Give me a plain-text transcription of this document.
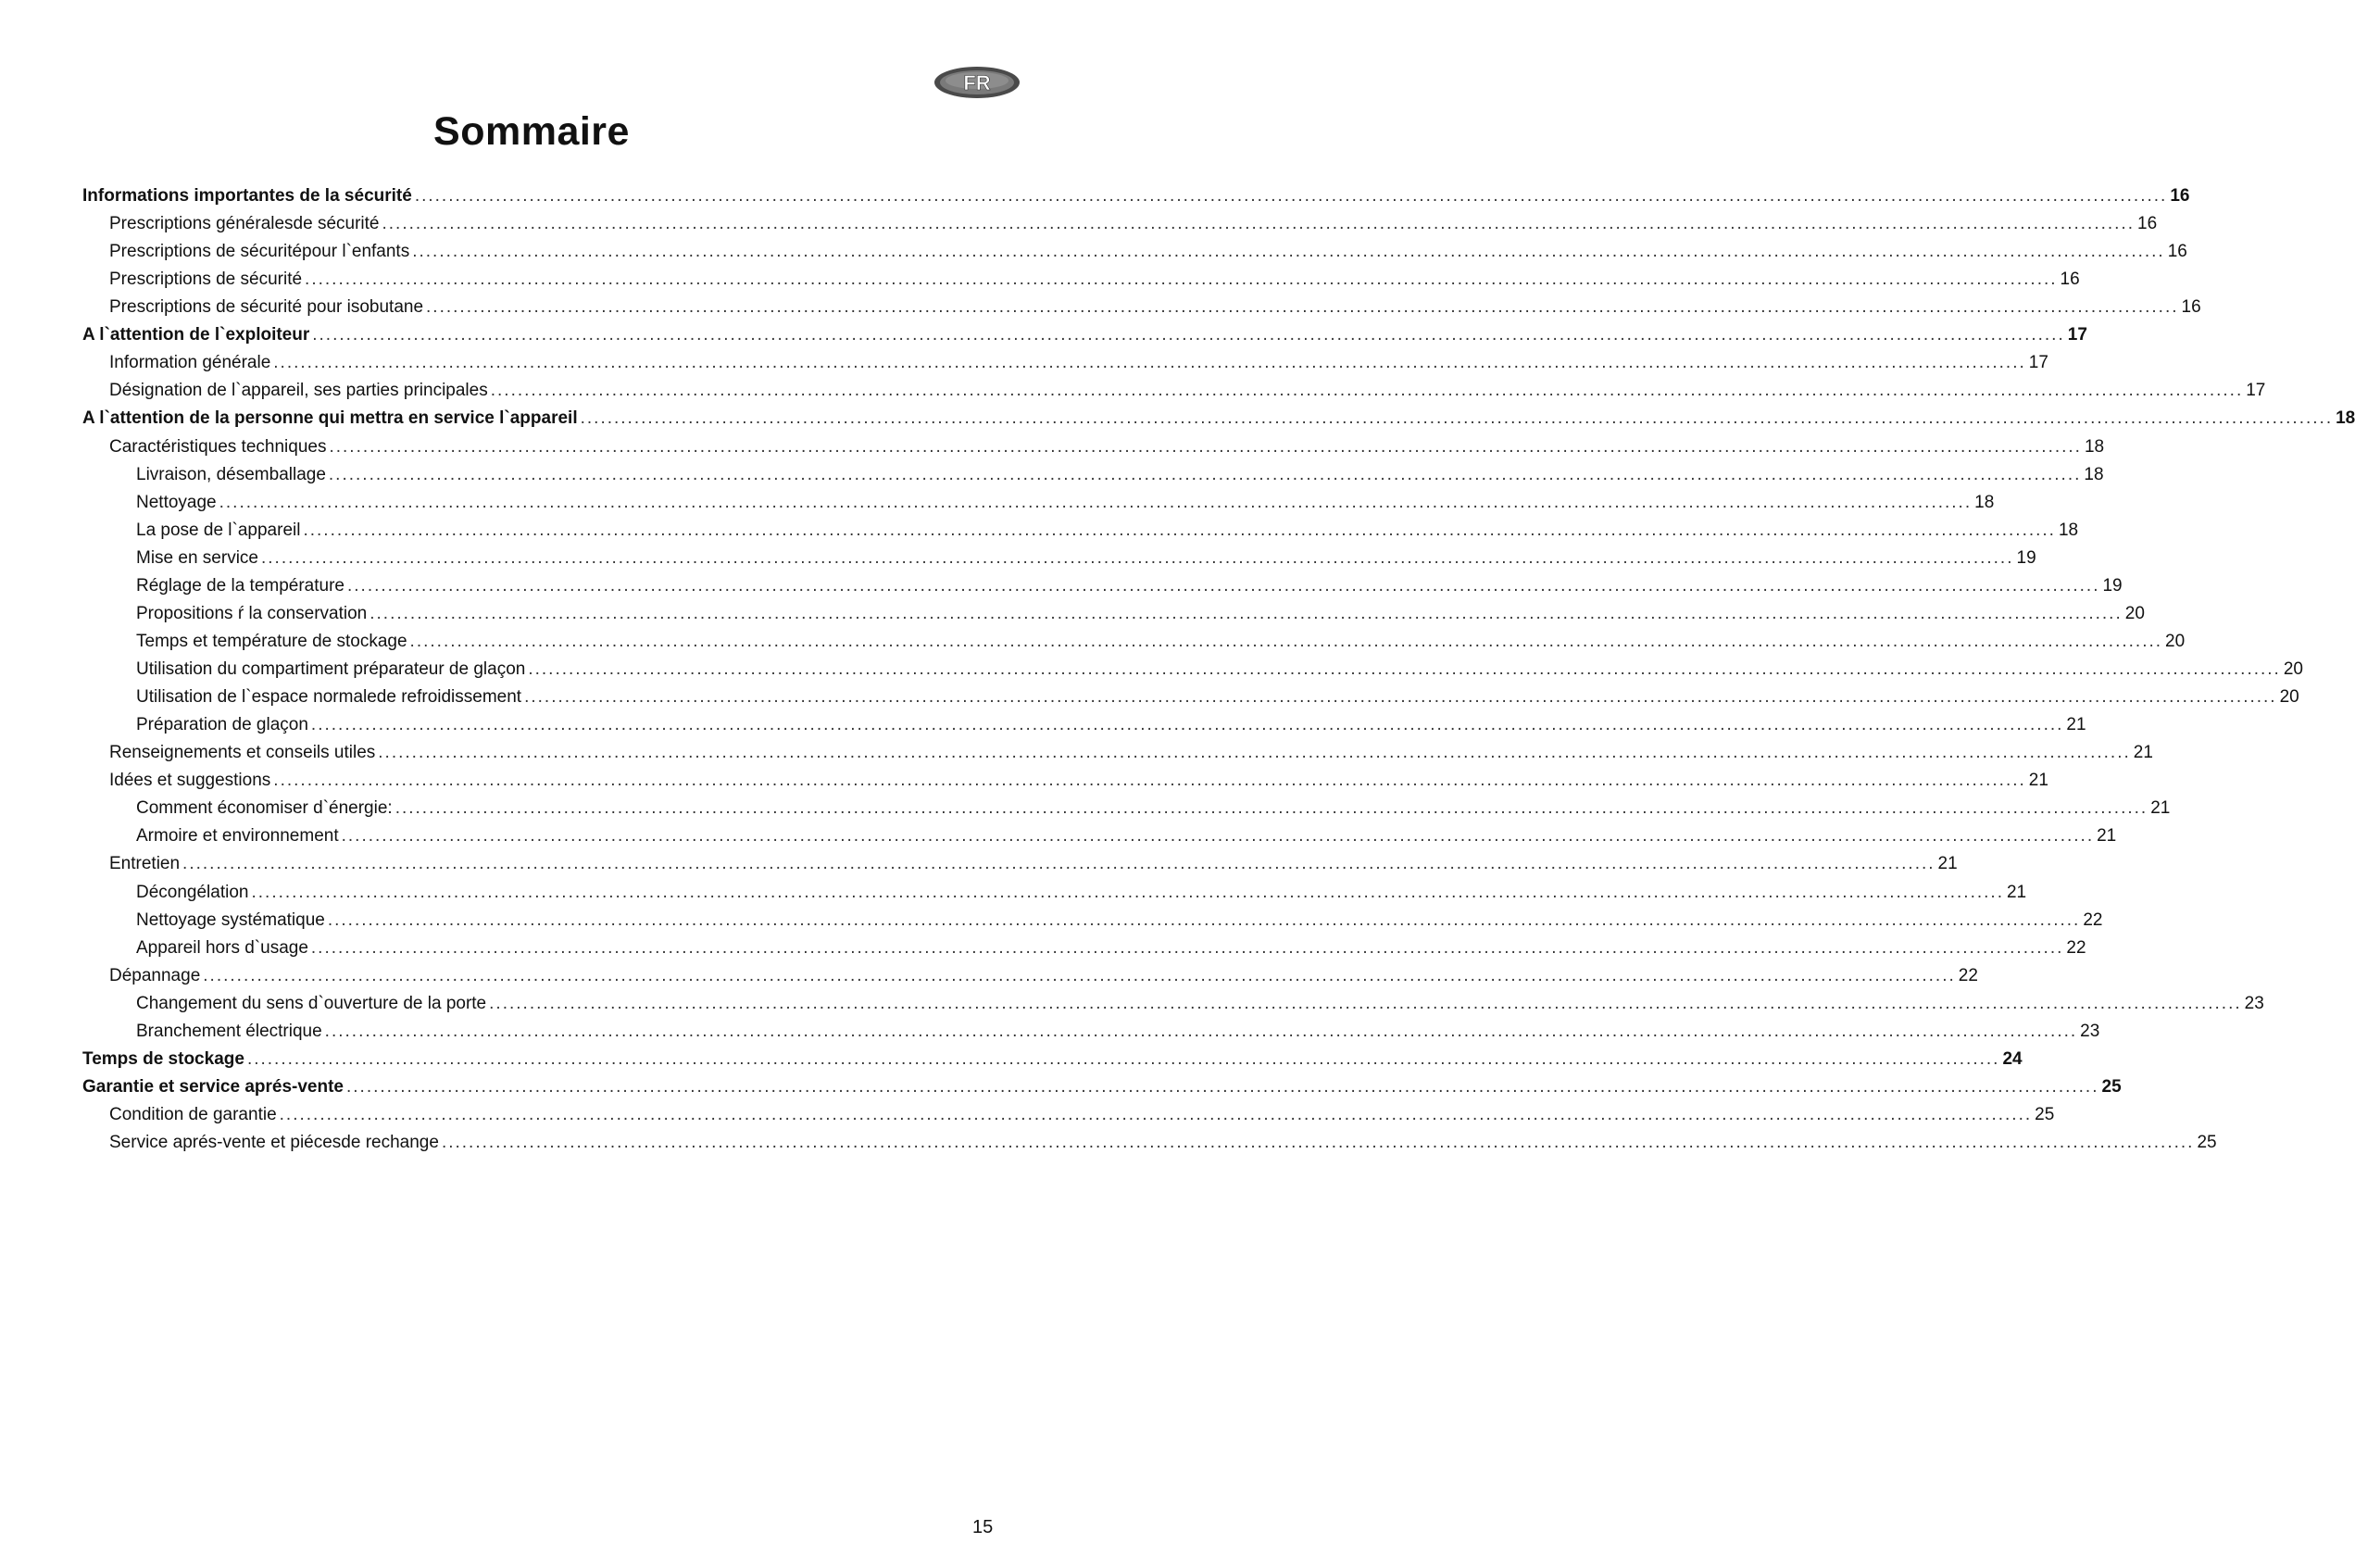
FR
Sommaire
Informations importantes de la sécurité .................................................................................................................................................................................................................................................................... 16
Prescriptions généralesde sécurité .................................................................................................................................................................................................................................................................... 16
Prescriptions de sécuritépour l`enfants .................................................................................................................................................................................................................................................................... 16
Prescriptions de sécurité .................................................................................................................................................................................................................................................................... 16
Prescriptions de sécurité pour isobutane .................................................................................................................................................................................................................................................................... 16
A l`attention de l`exploiteur .................................................................................................................................................................................................................................................................... 17
Information générale .................................................................................................................................................................................................................................................................... 17
Désignation de l`appareil, ses parties principales .................................................................................................................................................................................................................................................................... 17
A l`attention de la personne qui mettra en service l`appareil .................................................................................................................................................................................................................................................................... 18
Caractéristiques techniques .................................................................................................................................................................................................................................................................... 18
Livraison, désemballage .................................................................................................................................................................................................................................................................... 18
Nettoyage .................................................................................................................................................................................................................................................................... 18
La pose de l`appareil .................................................................................................................................................................................................................................................................... 18
Mise en service .................................................................................................................................................................................................................................................................... 19
Réglage de la température .................................................................................................................................................................................................................................................................... 19
Propositions ŕ la conservation .................................................................................................................................................................................................................................................................... 20
Temps et température de stockage .................................................................................................................................................................................................................................................................... 20
Utilisation du compartiment préparateur de glaçon .................................................................................................................................................................................................................................................................... 20
Utilisation de l`espace normalede refroidissement .................................................................................................................................................................................................................................................................... 20
Préparation de glaçon .................................................................................................................................................................................................................................................................... 21
Renseignements et conseils utiles .................................................................................................................................................................................................................................................................... 21
Idées et suggestions .................................................................................................................................................................................................................................................................... 21
Comment économiser d`énergie: .................................................................................................................................................................................................................................................................... 21
Armoire et environnement .................................................................................................................................................................................................................................................................... 21
Entretien .................................................................................................................................................................................................................................................................... 21
Décongélation .................................................................................................................................................................................................................................................................... 21
Nettoyage systématique .................................................................................................................................................................................................................................................................... 22
Appareil hors d`usage .................................................................................................................................................................................................................................................................... 22
Dépannage .................................................................................................................................................................................................................................................................... 22
Changement du sens d`ouverture de la porte .................................................................................................................................................................................................................................................................... 23
Branchement électrique .................................................................................................................................................................................................................................................................... 23
Temps de stockage .................................................................................................................................................................................................................................................................... 24
Garantie et service aprés-vente .................................................................................................................................................................................................................................................................... 25
Condition de garantie .................................................................................................................................................................................................................................................................... 25
Service aprés-vente et piécesde rechange .................................................................................................................................................................................................................................................................... 25
15
